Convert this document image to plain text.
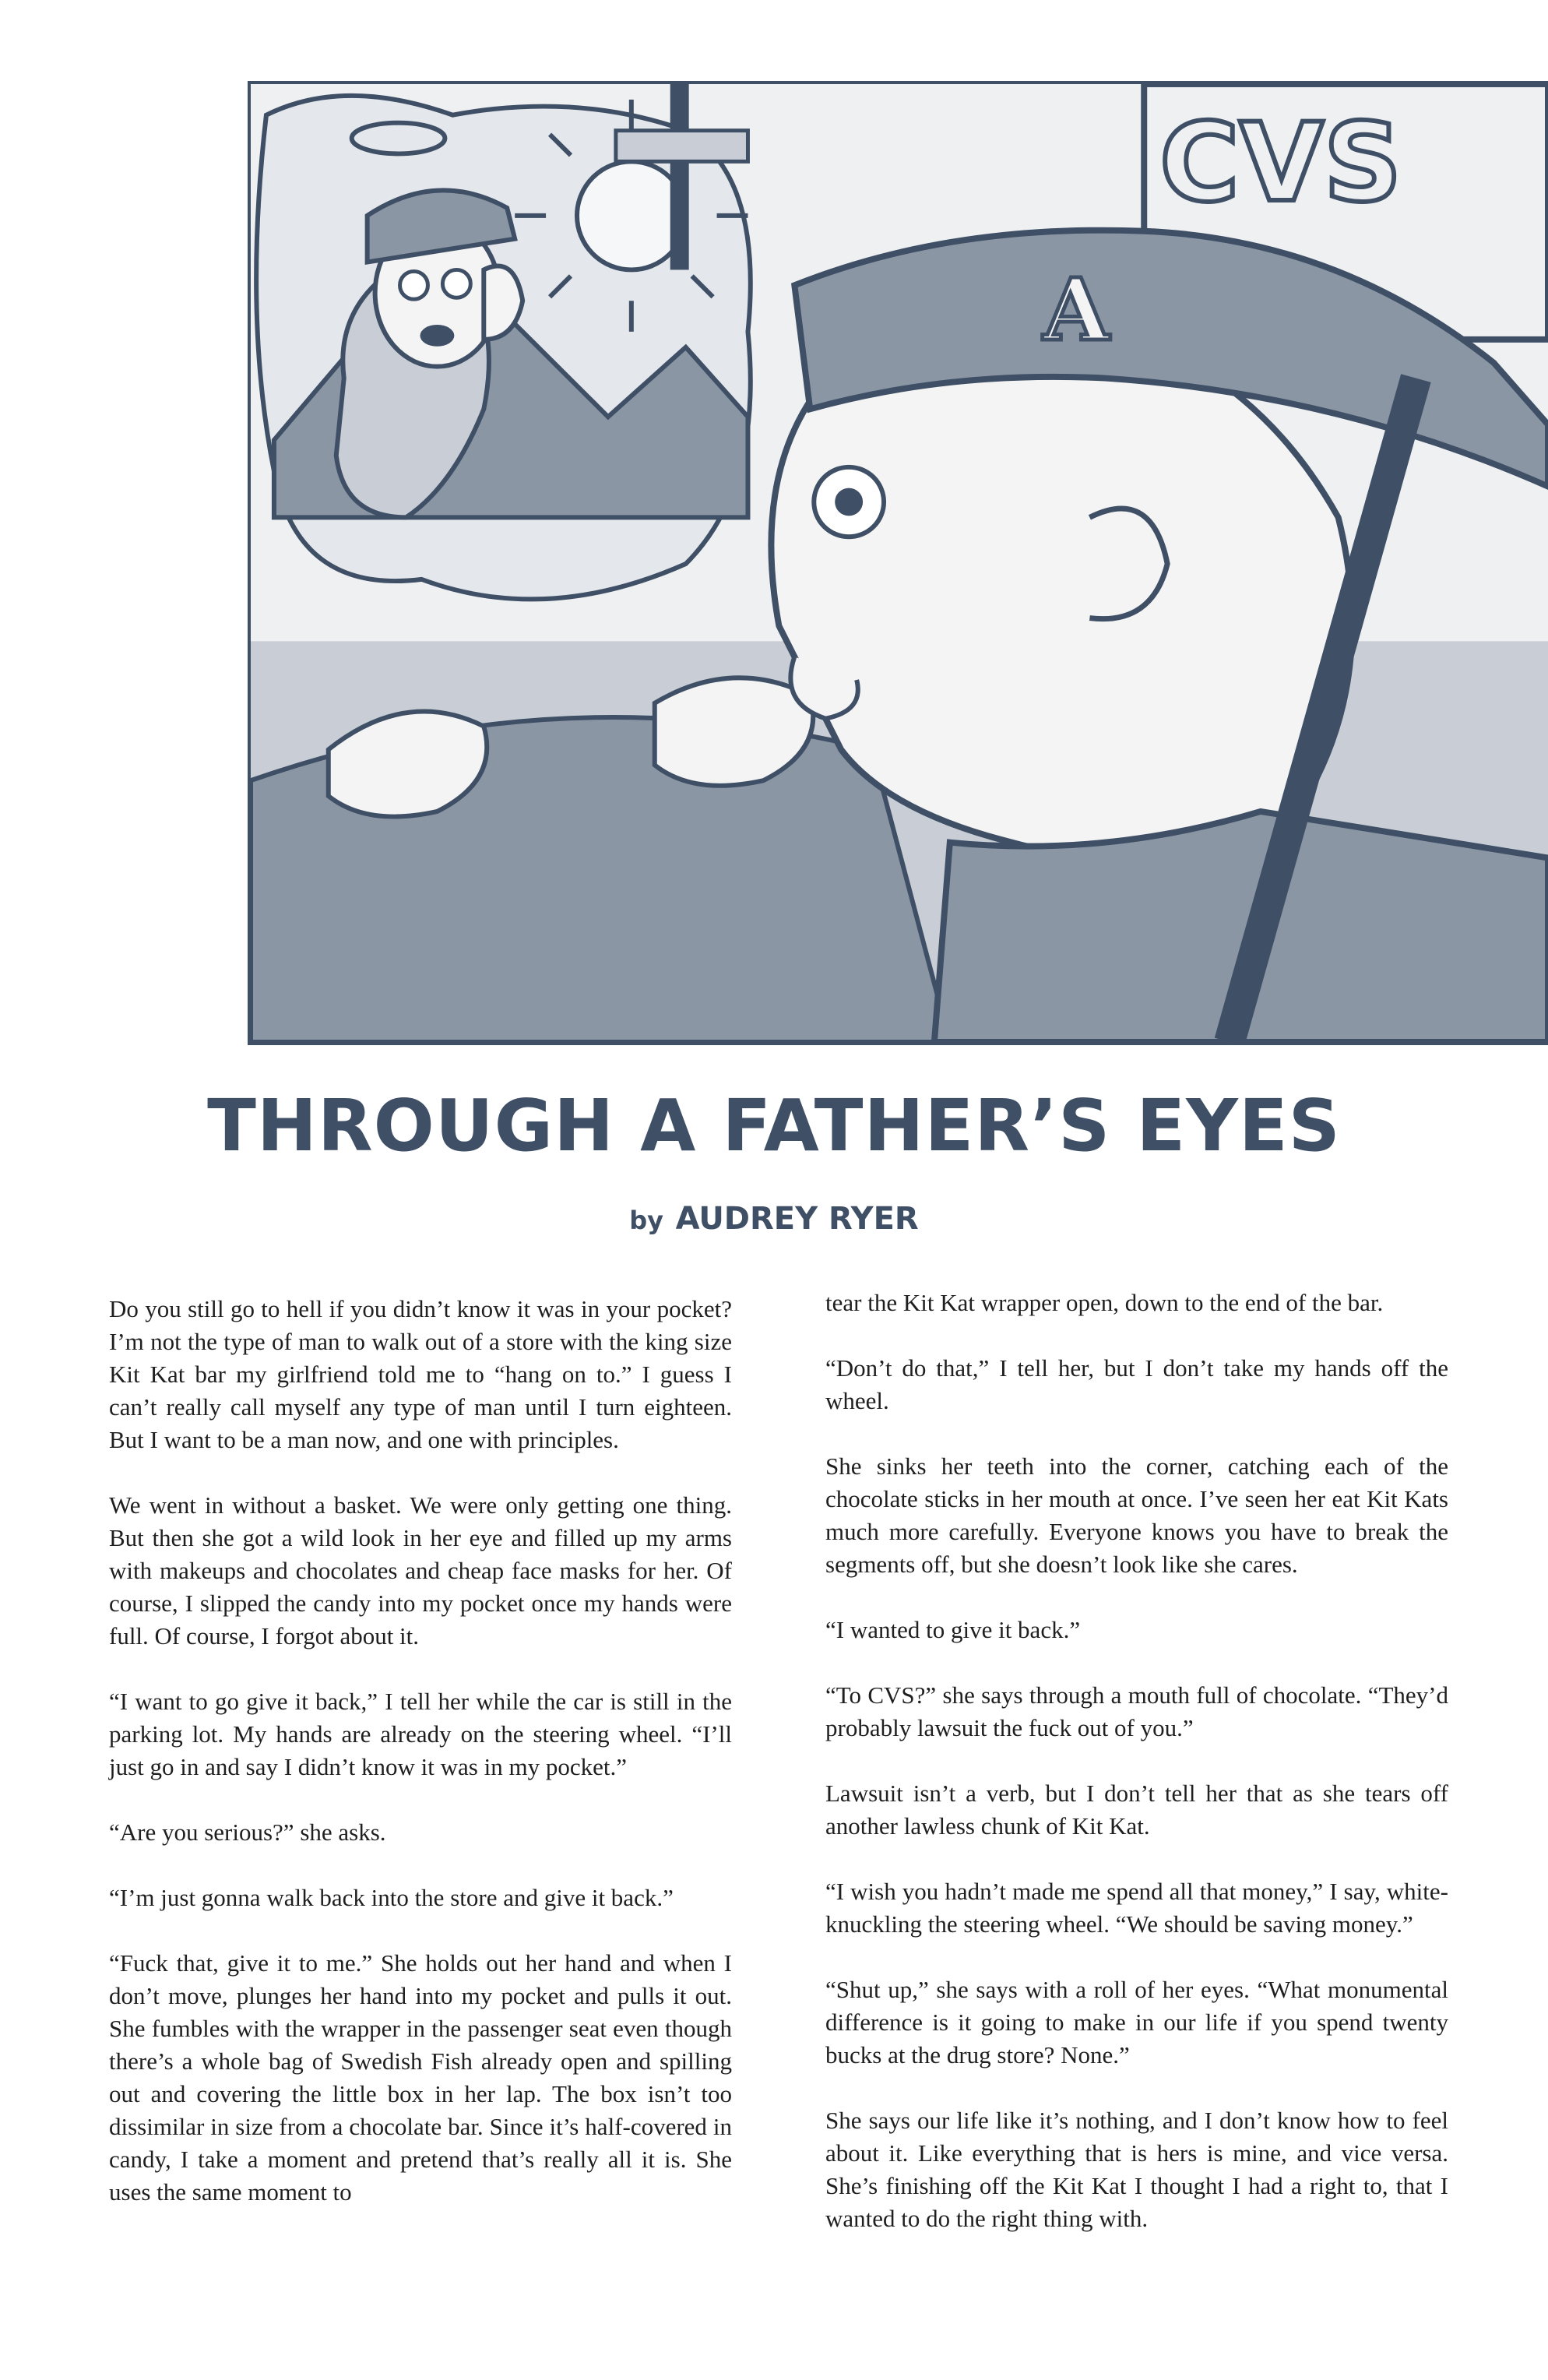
CVS
A
THROUGH A FATHER’S EYES
by AUDREY RYER

Do you still go to hell if you didn’t know it was in your pocket? I’m not the type of man to walk out of a store with the king size Kit Kat bar my girlfriend told me to “hang on to.” I guess I can’t really call myself any type of man until I turn eighteen. But I want to be a man now, and one with principles.

We went in without a basket. We were only getting one thing. But then she got a wild look in her eye and filled up my arms with makeups and chocolates and cheap face masks for her. Of course, I slipped the candy into my pocket once my hands were full. Of course, I forgot about it.

“I want to go give it back,” I tell her while the car is still in the parking lot. My hands are already on the steering wheel. “I’ll just go in and say I didn’t know it was in my pocket.”

“Are you serious?” she asks.

“I’m just gonna walk back into the store and give it back.”

“Fuck that, give it to me.” She holds out her hand and when I don’t move, plunges her hand into my pocket and pulls it out. She fumbles with the wrapper in the passenger seat even though there’s a whole bag of Swedish Fish already open and spilling out and covering the little box in her lap. The box isn’t too dissimilar in size from a chocolate bar. Since it’s half-covered in candy, I take a moment and pretend that’s really all it is. She uses the same moment to

tear the Kit Kat wrapper open, down to the end of the bar.

“Don’t do that,” I tell her, but I don’t take my hands off the wheel.

She sinks her teeth into the corner, catching each of the chocolate sticks in her mouth at once. I’ve seen her eat Kit Kats much more carefully. Everyone knows you have to break the segments off, but she doesn’t look like she cares.

“I wanted to give it back.”

“To CVS?” she says through a mouth full of chocolate. “They’d probably lawsuit the fuck out of you.”

Lawsuit isn’t a verb, but I don’t tell her that as she tears off another lawless chunk of Kit Kat.

“I wish you hadn’t made me spend all that money,” I say, white-knuckling the steering wheel. “We should be saving money.”

“Shut up,” she says with a roll of her eyes. “What monumental difference is it going to make in our life if you spend twenty bucks at the drug store? None.”

She says our life like it’s nothing, and I don’t know how to feel about it. Like everything that is hers is mine, and vice versa. She’s finishing off the Kit Kat I thought I had a right to, that I wanted to do the right thing with.
